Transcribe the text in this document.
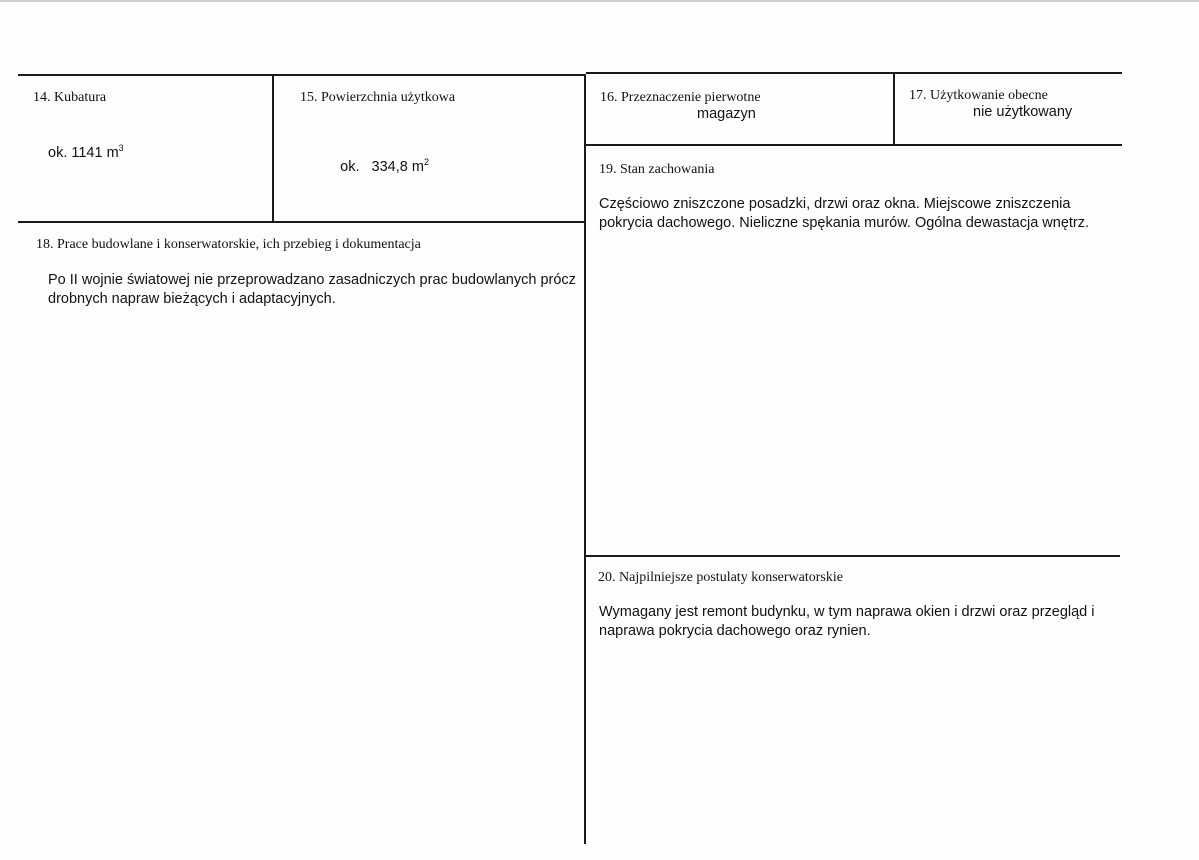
14. Kubatura
ok. 1141 $m^3$
15. Powierzchnia użytkowa

ok.   334,8 $m^2$

16. Przeznaczenie pierwotne
magazyn
17. Użytkowanie obecne
nie użytkowany
18. Prace budowlane i konserwatorskie, ich przebieg i dokumentacja
Po II wojnie światowej nie przeprowadzano zasadniczych prac budowlanych prócz
drobnych napraw bieżących i adaptacyjnych.
19. Stan zachowania
Częściowo zniszczone posadzki, drzwi oraz okna. Miejscowe zniszczenia
pokrycia dachowego. Nieliczne spękania murów. Ogólna dewastacja wnętrz.
20. Najpilniejsze postulaty konserwatorskie
Wymagany jest remont budynku, w tym naprawa okien i drzwi oraz przegląd i
naprawa pokrycia dachowego oraz rynien.
